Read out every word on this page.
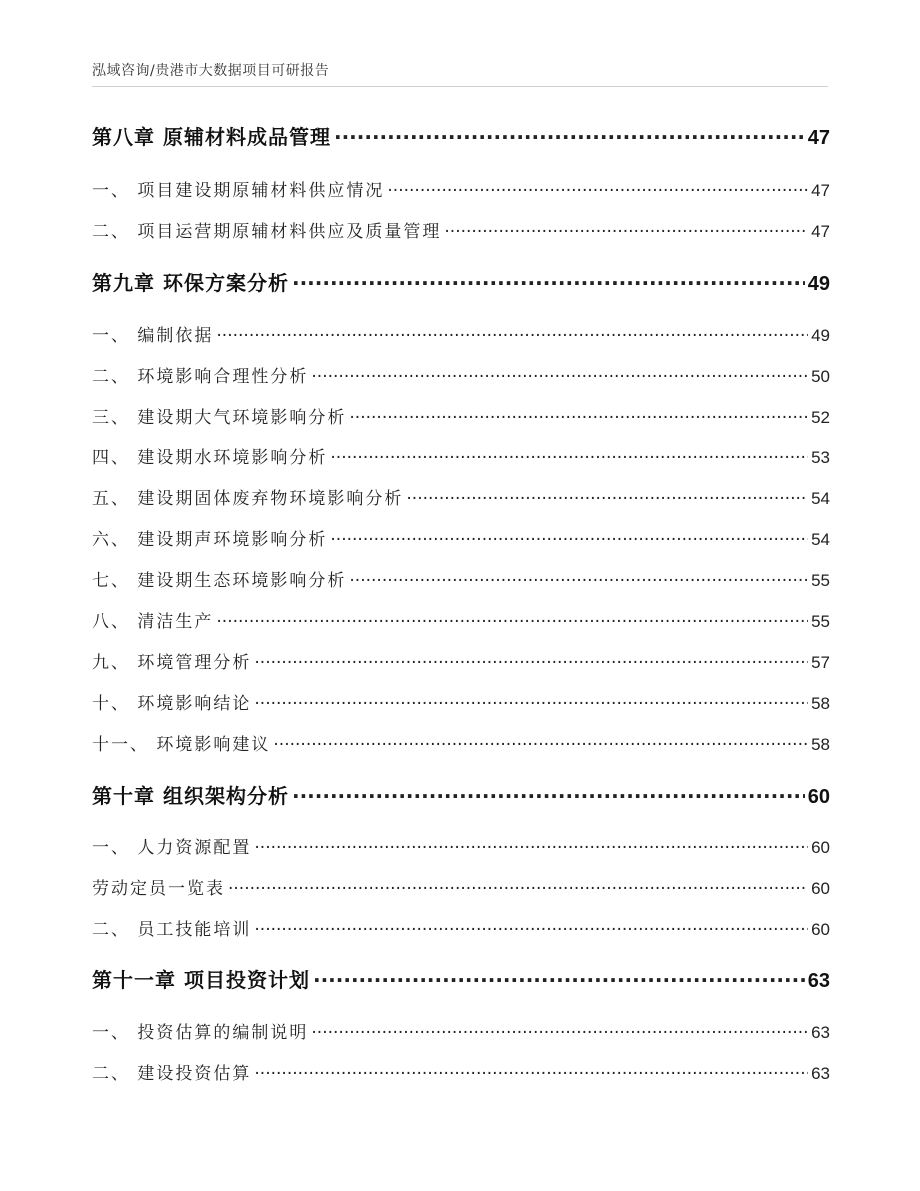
泓域咨询/贵港市大数据项目可研报告
第八章 原辅材料成品管理 ·····	47
一、 项目建设期原辅材料供应情况 ·····	47
二、 项目运营期原辅材料供应及质量管理 ·····	47
第九章 环保方案分析 ·····	49
一、 编制依据 ·····	49
二、 环境影响合理性分析 ·····	50
三、 建设期大气环境影响分析 ·····	52
四、 建设期水环境影响分析 ·····	53
五、 建设期固体废弃物环境影响分析 ·····	54
六、 建设期声环境影响分析 ·····	54
七、 建设期生态环境影响分析 ·····	55
八、 清洁生产 ·····	55
九、 环境管理分析 ·····	57
十、 环境影响结论 ·····	58
十一、 环境影响建议 ·····	58
第十章 组织架构分析 ·····	60
一、 人力资源配置 ·····	60
劳动定员一览表 ·····	60
二、 员工技能培训 ·····	60
第十一章 项目投资计划 ·····	63
一、 投资估算的编制说明 ·····	63
二、 建设投资估算 ·····	63
